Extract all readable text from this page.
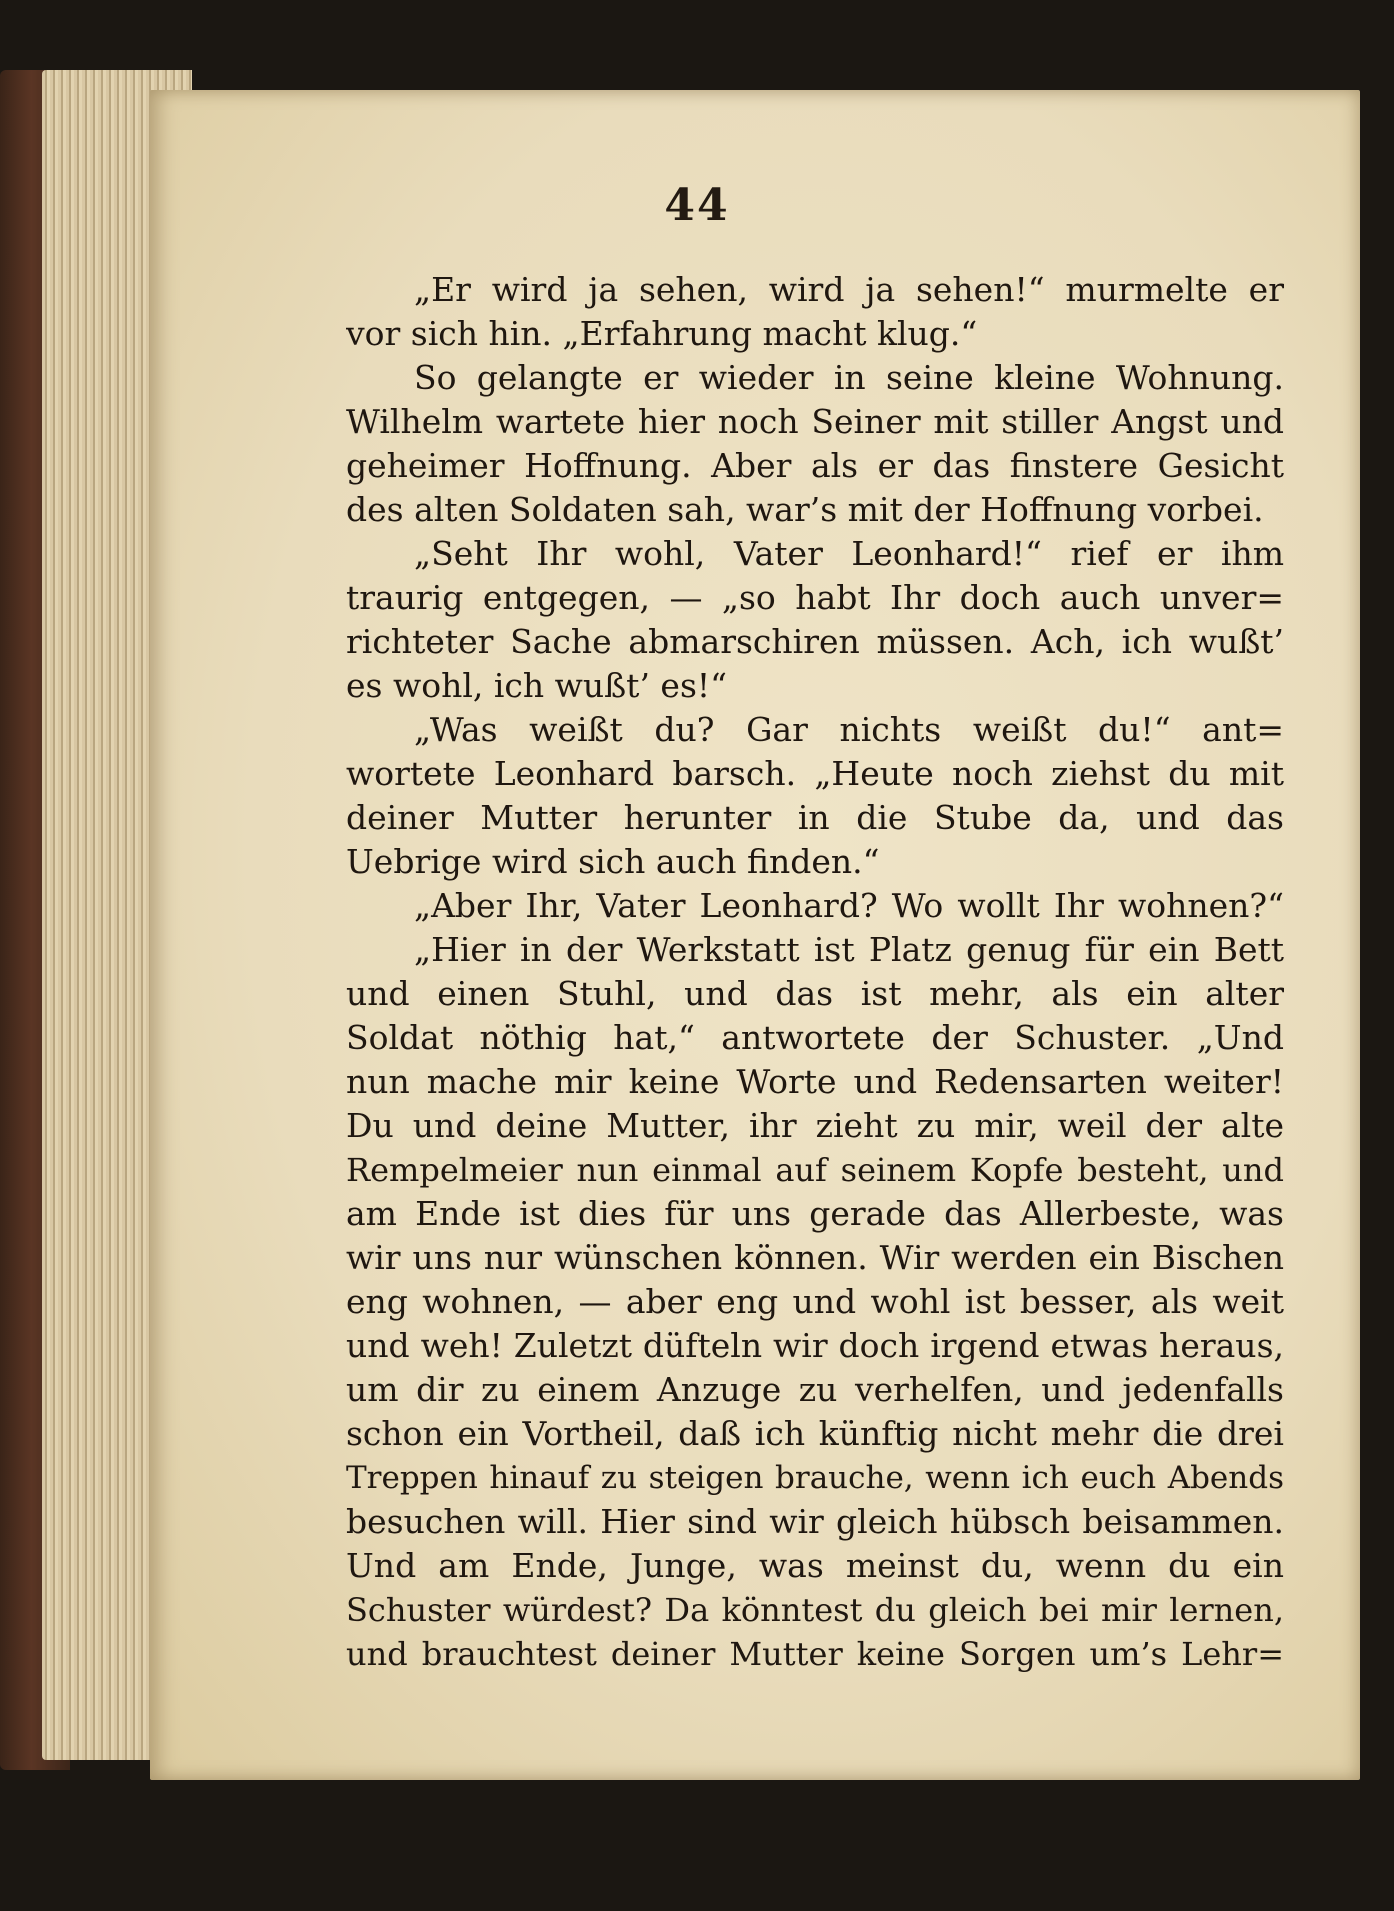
44
„Er wird ja sehen, wird ja sehen!“ murmelte er
vor sich hin. „Erfahrung macht klug.“
So gelangte er wieder in seine kleine Wohnung.
Wilhelm wartete hier noch Seiner mit stiller Angst und
geheimer Hoffnung. Aber als er das finstere Gesicht
des alten Soldaten sah, war’s mit der Hoffnung vorbei.
„Seht Ihr wohl, Vater Leonhard!“ rief er ihm
traurig entgegen, — „so habt Ihr doch auch unver=
richteter Sache abmarschiren müssen. Ach, ich wußt’
es wohl, ich wußt’ es!“
„Was weißt du? Gar nichts weißt du!“ ant=
wortete Leonhard barsch. „Heute noch ziehst du mit
deiner Mutter herunter in die Stube da, und das
Uebrige wird sich auch finden.“
„Aber Ihr, Vater Leonhard? Wo wollt Ihr wohnen?“
„Hier in der Werkstatt ist Platz genug für ein Bett
und einen Stuhl, und das ist mehr, als ein alter
Soldat nöthig hat,“ antwortete der Schuster. „Und
nun mache mir keine Worte und Redensarten weiter!
Du und deine Mutter, ihr zieht zu mir, weil der alte
Rempelmeier nun einmal auf seinem Kopfe besteht, und
am Ende ist dies für uns gerade das Allerbeste, was
wir uns nur wünschen können. Wir werden ein Bischen
eng wohnen, — aber eng und wohl ist besser, als weit
und weh! Zuletzt düfteln wir doch irgend etwas heraus,
um dir zu einem Anzuge zu verhelfen, und jedenfalls
schon ein Vortheil, daß ich künftig nicht mehr die drei
Treppen hinauf zu steigen brauche, wenn ich euch Abends
besuchen will. Hier sind wir gleich hübsch beisammen.
Und am Ende, Junge, was meinst du, wenn du ein
Schuster würdest? Da könntest du gleich bei mir lernen,
und brauchtest deiner Mutter keine Sorgen um’s Lehr=
